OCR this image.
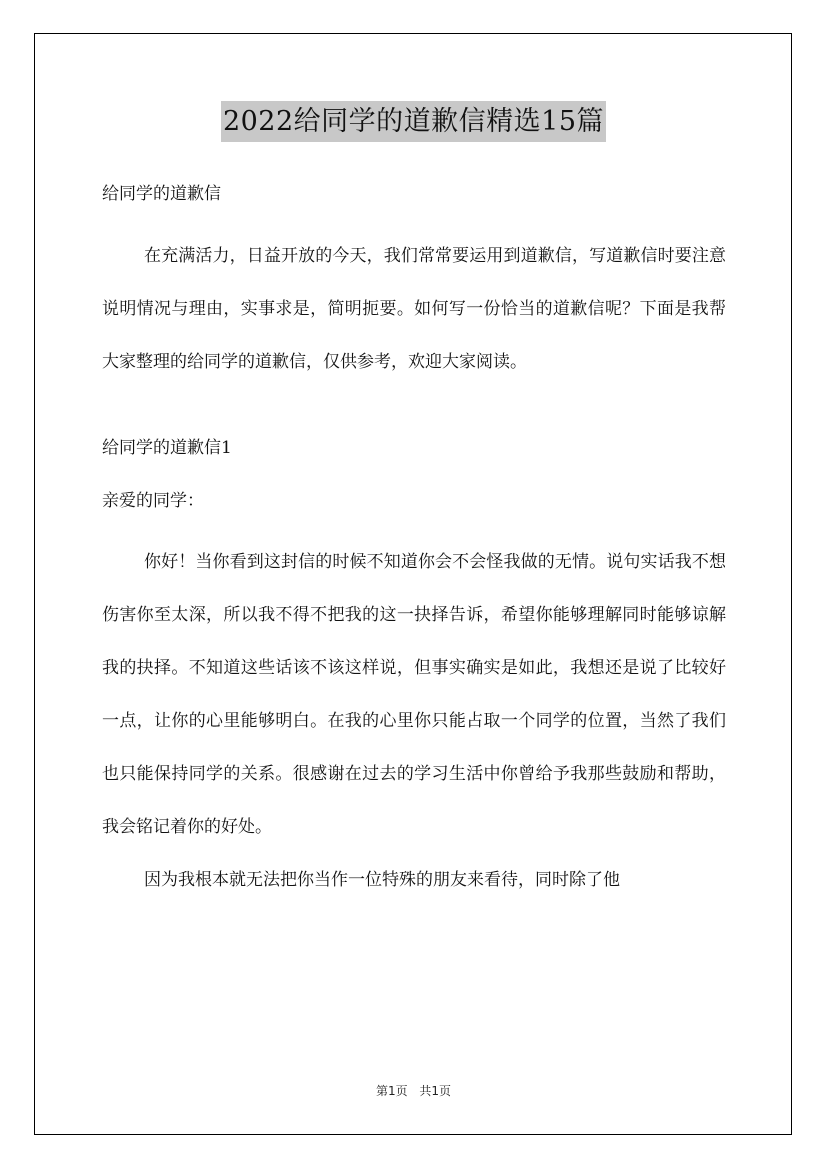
2022给同学的道歉信精选15篇

给同学的道歉信

在充满活力，日益开放的今天，我们常常要运用到道歉信，写道歉信时要注意说明情况与理由，实事求是，简明扼要。如何写一份恰当的道歉信呢？下面是我帮大家整理的给同学的道歉信，仅供参考，欢迎大家阅读。

给同学的道歉信1

亲爱的同学：

你好！当你看到这封信的时候不知道你会不会怪我做的无情。说句实话我不想伤害你至太深，所以我不得不把我的这一抉择告诉，希望你能够理解同时能够谅解我的抉择。不知道这些话该不该这样说，但事实确实是如此，我想还是说了比较好一点，让你的心里能够明白。在我的心里你只能占取一个同学的位置，当然了我们也只能保持同学的关系。很感谢在过去的学习生活中你曾给予我那些鼓励和帮助，我会铭记着你的好处。

因为我根本就无法把你当作一位特殊的朋友来看待，同时除了他

第1页 共1页
